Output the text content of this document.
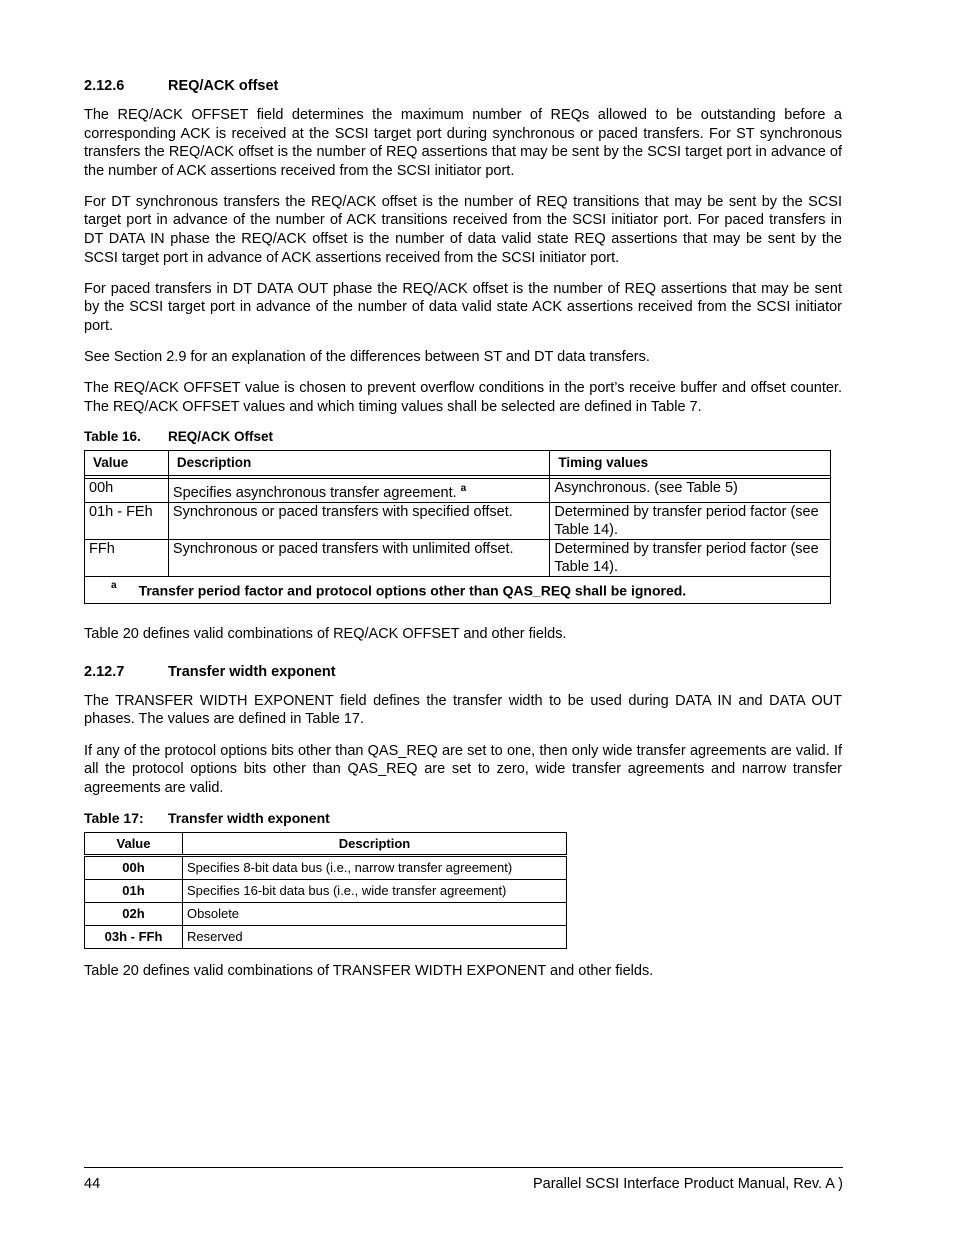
2.12.6	REQ/ACK offset

The REQ/ACK OFFSET field determines the maximum number of REQs allowed to be outstanding before a corresponding ACK is received at the SCSI target port during synchronous or paced transfers. For ST synchronous transfers the REQ/ACK offset is the number of REQ assertions that may be sent by the SCSI target port in advance of the number of ACK assertions received from the SCSI initiator port.

For DT synchronous transfers the REQ/ACK offset is the number of REQ transitions that may be sent by the SCSI target port in advance of the number of ACK transitions received from the SCSI initiator port. For paced transfers in DT DATA IN phase the REQ/ACK offset is the number of data valid state REQ assertions that may be sent by the SCSI target port in advance of ACK assertions received from the SCSI initiator port.

For paced transfers in DT DATA OUT phase the REQ/ACK offset is the number of REQ assertions that may be sent by the SCSI target port in advance of the number of data valid state ACK assertions received from the SCSI initiator port.

See Section 2.9 for an explanation of the differences between ST and DT data transfers.

The REQ/ACK OFFSET value is chosen to prevent overflow conditions in the port’s receive buffer and offset counter. The REQ/ACK OFFSET values and which timing values shall be selected are defined in Table 7.

Table 16.	REQ/ACK Offset
Value	Description	Timing values

00h	Specifies asynchronous transfer agreement. $^a$	Asynchronous. (see Table 5)
01h - FEh	Synchronous or paced transfers with specified offset.	Determined by transfer period factor (see Table 14).
FFh	Synchronous or paced transfers with unlimited offset.	Determined by transfer period factor (see Table 14).
$^a$ Transfer period factor and protocol options other than QAS_REQ shall be ignored.		

Table 20 defines valid combinations of REQ/ACK OFFSET and other fields.

2.12.7	Transfer width exponent

The TRANSFER WIDTH EXPONENT field defines the transfer width to be used during DATA IN and DATA OUT phases. The values are defined in Table 17.

If any of the protocol options bits other than QAS_REQ are set to one, then only wide transfer agreements are valid. If all the protocol options bits other than QAS_REQ are set to zero, wide transfer agreements and narrow transfer agreements are valid.

Table 17:	Transfer width exponent
Value	Description
00h	Specifies 8-bit data bus (i.e., narrow transfer agreement)
01h	Specifies 16-bit data bus (i.e., wide transfer agreement)
02h	Obsolete
03h - FFh	Reserved

Table 20 defines valid combinations of TRANSFER WIDTH EXPONENT and other fields.

44	Parallel SCSI Interface Product Manual, Rev. A )
